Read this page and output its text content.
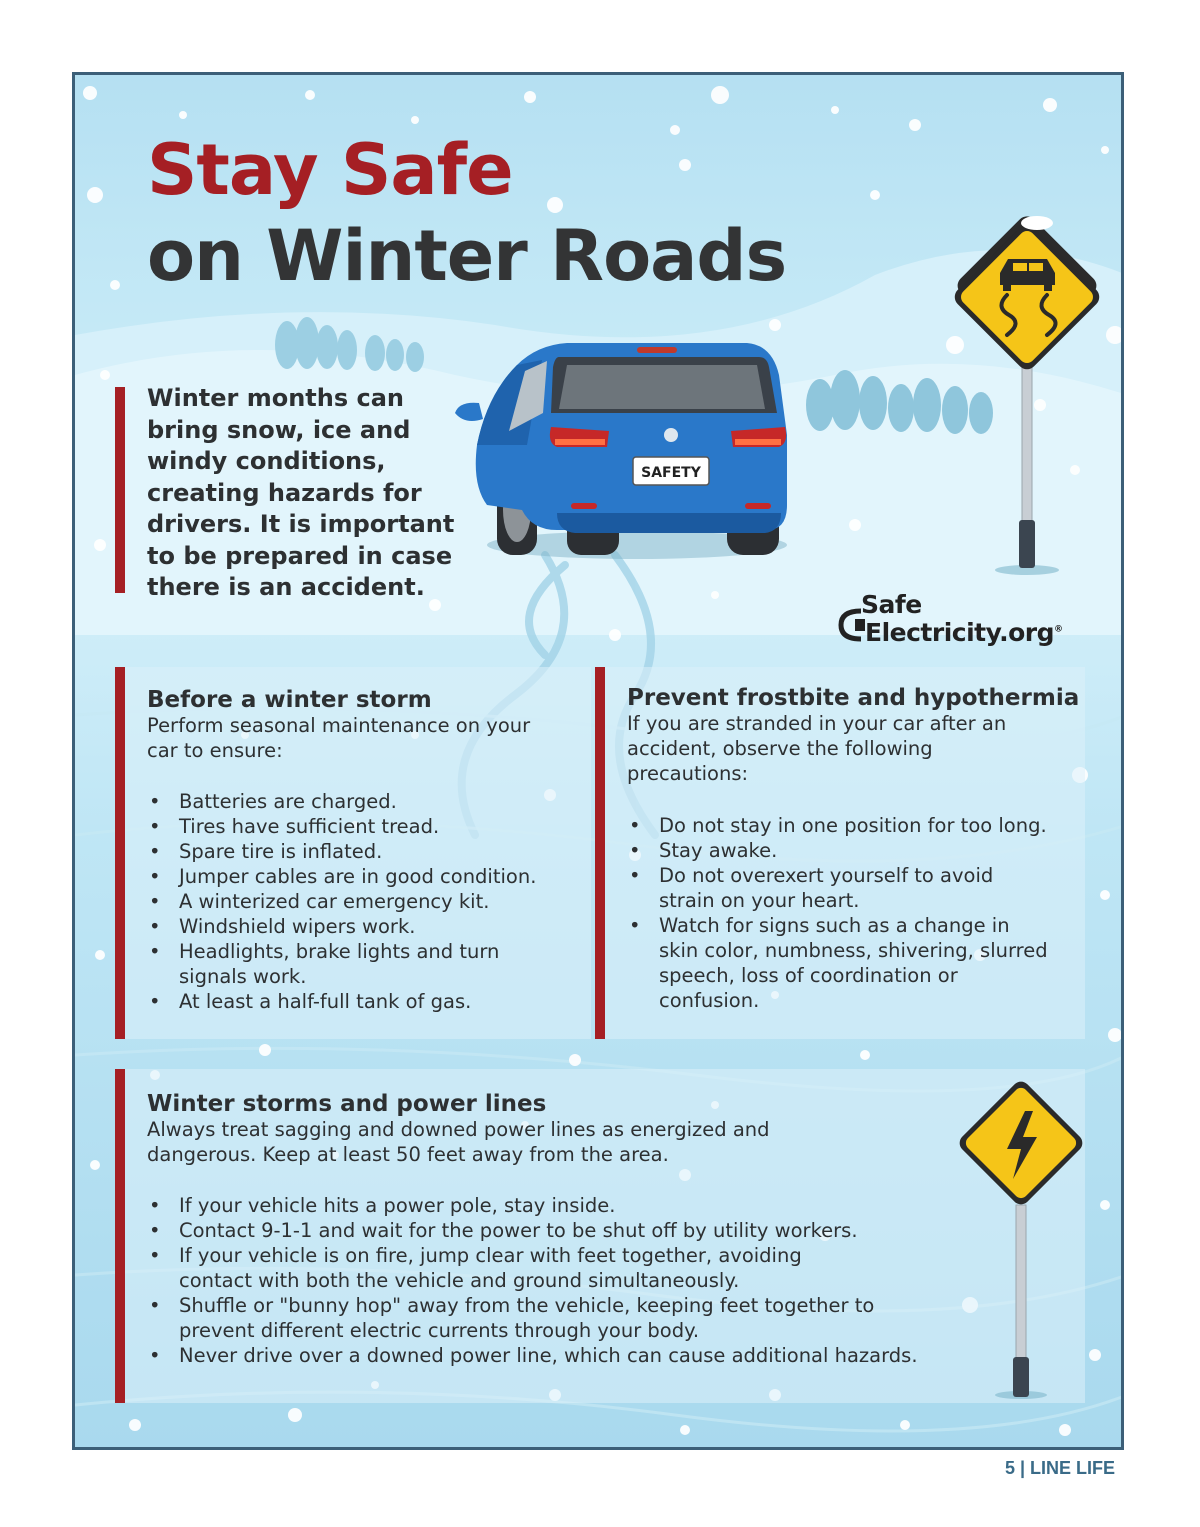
Stay Safe
on Winter Roads
SAFETY
Winter months can bring snow, ice and windy conditions, creating hazards for drivers. It is important to be prepared in case there is an accident.
Safe
Electricity.org®
Before a winter storm
Perform seasonal maintenance on your car to ensure:
• Batteries are charged.
• Tires have sufficient tread.
• Spare tire is inflated.
• Jumper cables are in good condition.
• A winterized car emergency kit.
• Windshield wipers work.
• Headlights, brake lights and turn signals work.
• At least a half-full tank of gas.
Prevent frostbite and hypothermia
If you are stranded in your car after an accident, observe the following precautions:
• Do not stay in one position for too long.
• Stay awake.
• Do not overexert yourself to avoid strain on your heart.
• Watch for signs such as a change in skin color, numbness, shivering, slurred speech, loss of coordination or confusion.
Winter storms and power lines
Always treat sagging and downed power lines as energized and dangerous. Keep at least 50 feet away from the area.
• If your vehicle hits a power pole, stay inside.
• Contact 9-1-1 and wait for the power to be shut off by utility workers.
• If your vehicle is on fire, jump clear with feet together, avoiding contact with both the vehicle and ground simultaneously.
• Shuffle or "bunny hop" away from the vehicle, keeping feet together to prevent different electric currents through your body.
• Never drive over a downed power line, which can cause additional hazards.
5 | LINE LIFE
